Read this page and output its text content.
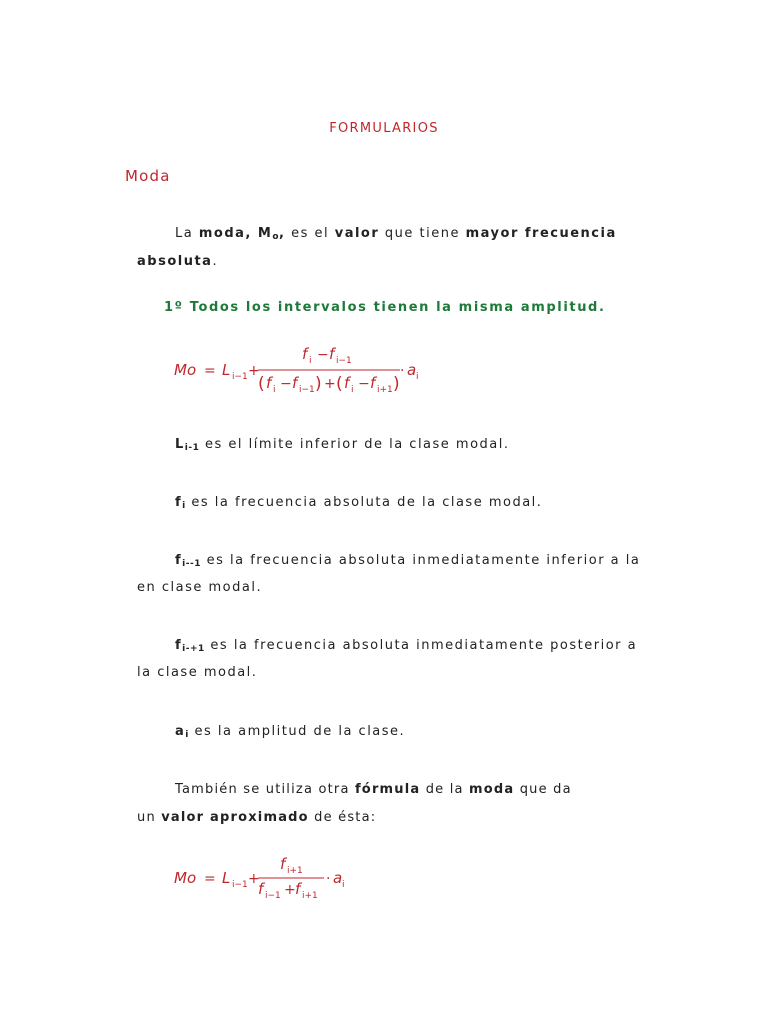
FORMULARIOS
Moda
La moda, $M_o$, es el valor que tiene mayor frecuencia
absoluta.
1º Todos los intervalos tienen la misma amplitud.
Mo = L i−1 +
f i − f i−1
( f i − f i−1 ) + ( f i − f i+1 )
· a i
$L_{i-1}$ es el límite inferior de la clase modal.
$f_i$ es la frecuencia absoluta de la clase modal.
$f_{i--1}$ es la frecuencia absoluta inmediatamente inferior a la
en clase modal.
$f_{i-+1}$ es la frecuencia absoluta inmediatamente posterior a
la clase modal.
$a_i$ es la amplitud de la clase.
También se utiliza otra fórmula de la moda que da
un valor aproximado de ésta:
Mo = L i−1 +
f i+1
f i−1 + f i+1
· a i
